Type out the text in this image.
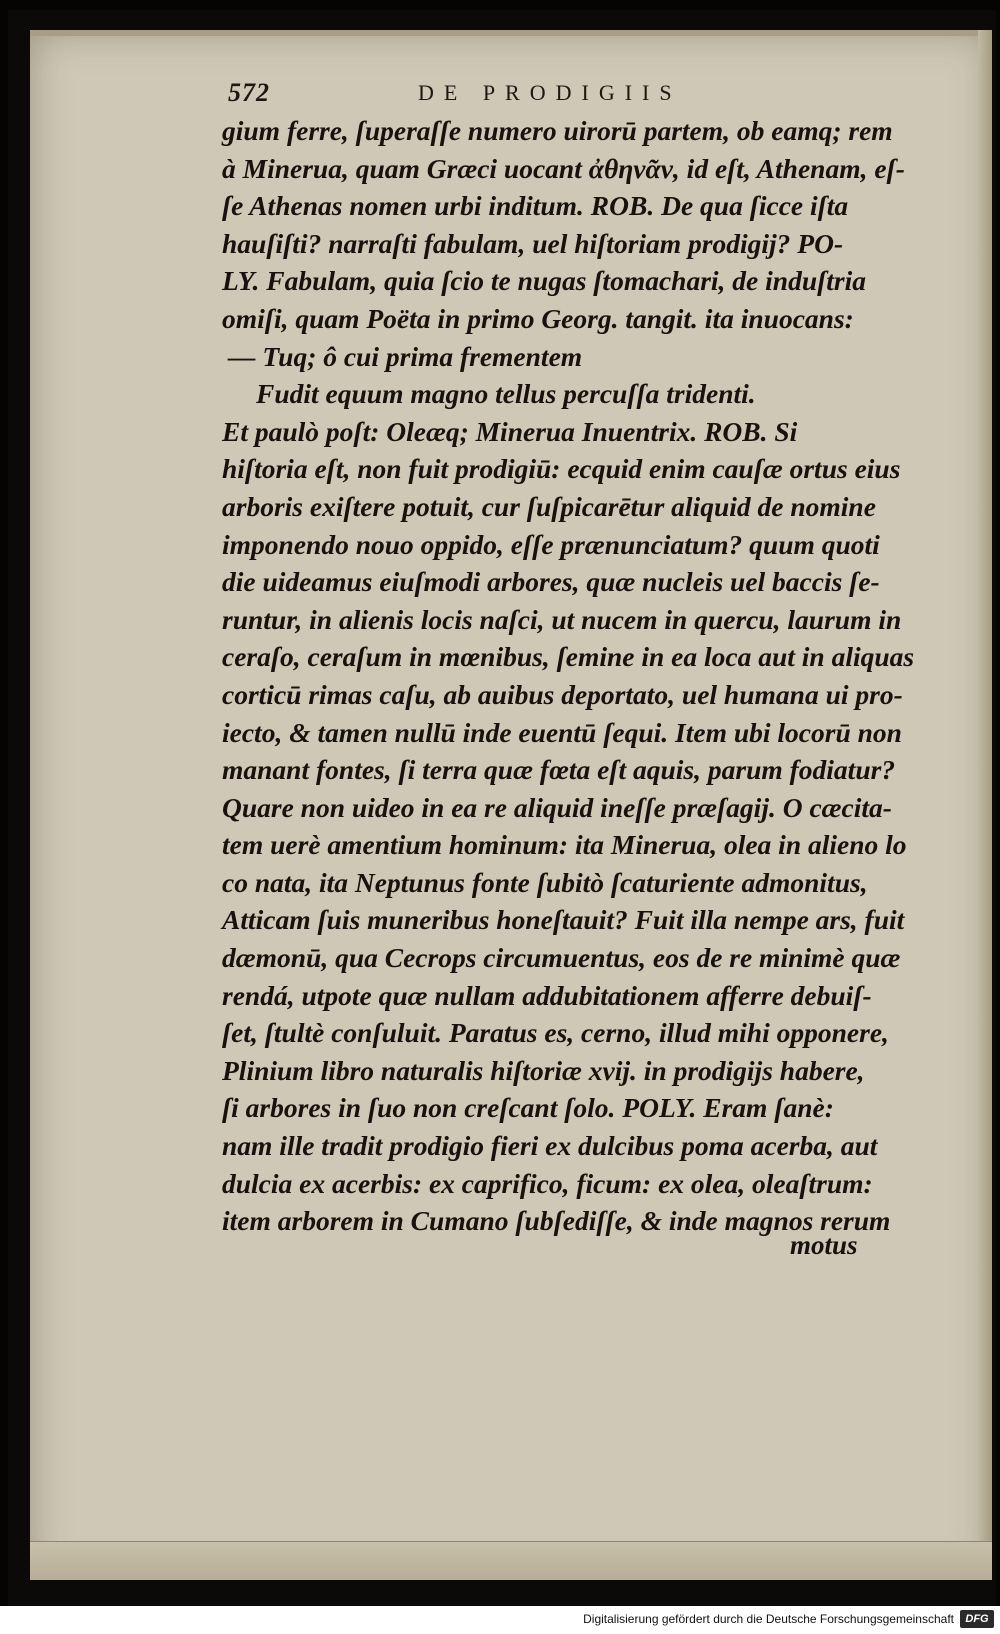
572	DE PRODIGIIS
gium ferre, ſuperaſſe numero uirorū partem, ob eamq; rem
à Minerua, quam Græci uocant ἀθηνᾶν, id eſt, Athenam, eſ-
ſe Athenas nomen urbi inditum. ROB. De qua ſicce iſta
hauſiſti? narraſti fabulam, uel hiſtoriam prodigij? PO-
LY. Fabulam, quia ſcio te nugas ſtomachari, de induſtria
omiſi, quam Poëta in primo Georg. tangit. ita inuocans:
— Tuq; ô cui prima frementem
Fudit equum magno tellus percuſſa tridenti.
Et paulò poſt: Oleæq; Minerua Inuentrix. ROB. Si
hiſtoria eſt, non fuit prodigiū: ecquid enim cauſæ ortus eius
arboris exiſtere potuit, cur ſuſpicarētur aliquid de nomine
imponendo nouo oppido, eſſe prænunciatum? quum quoti
die uideamus eiuſmodi arbores, quæ nucleis uel baccis ſe-
runtur, in alienis locis naſci, ut nucem in quercu, laurum in
ceraſo, ceraſum in mœnibus, ſemine in ea loca aut in aliquas
corticū rimas caſu, ab auibus deportato, uel humana ui pro-
iecto, & tamen nullū inde euentū ſequi. Item ubi locorū non
manant fontes, ſi terra quæ fœta eſt aquis, parum fodiatur?
Quare non uideo in ea re aliquid ineſſe præſagij. O cæcita-
tem uerè amentium hominum: ita Minerua, olea in alieno lo
co nata, ita Neptunus fonte ſubitò ſcaturiente admonitus,
Atticam ſuis muneribus honeſtauit? Fuit illa nempe ars, fuit
dæmonū, qua Cecrops circumuentus, eos de re minimè quæ
rendá, utpote quæ nullam addubitationem afferre debuiſ-
ſet, ſtultè conſuluit. Paratus es, cerno, illud mihi opponere,
Plinium libro naturalis hiſtoriæ xvij. in prodigijs habere,
ſi arbores in ſuo non creſcant ſolo. POLY. Eram ſanè:
nam ille tradit prodigio fieri ex dulcibus poma acerba, aut
dulcia ex acerbis: ex caprifico, ficum: ex olea, oleaſtrum:
item arborem in Cumano ſubſediſſe, & inde magnos rerum
motus
Digitalisierung gefördert durch die Deutsche Forschungsgemeinschaft	DFG
